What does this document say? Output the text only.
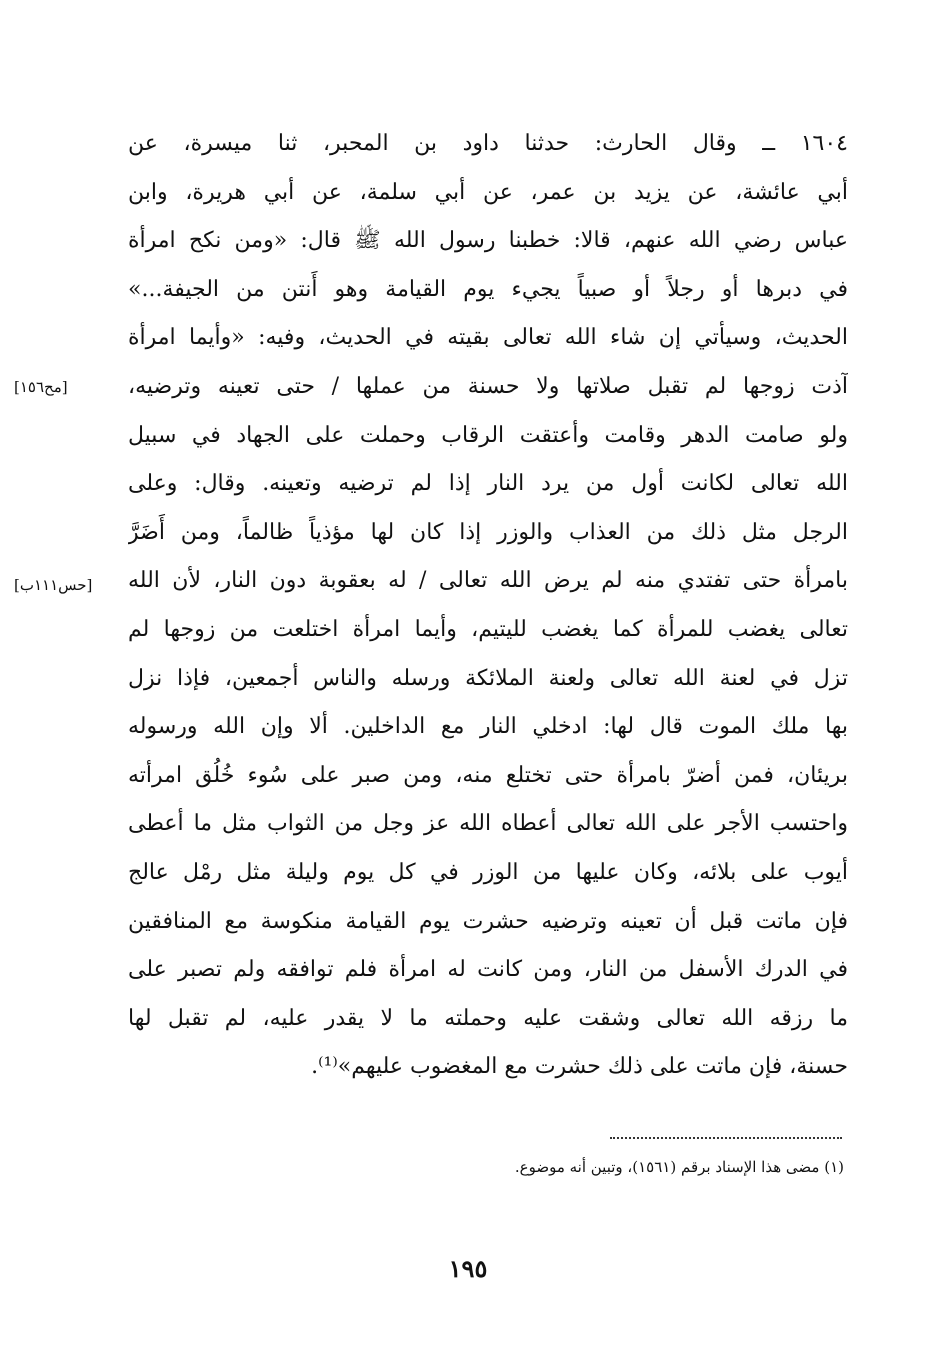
١٦٠٤ ــ وقال الحارث: حدثنا داود بن المحبر، ثنا ميسرة، عن
أبي عائشة، عن يزيد بن عمر، عن أبي سلمة، عن أبي هريرة، وابن
عباس رضي الله عنهم، قالا: خطبنا رسول الله ﷺ قال: «ومن نكح امرأة
في دبرها أو رجلاً أو صبياً يجيء يوم القيامة وهو أَنتن من الجيفة...»
الحديث، وسيأتي إن شاء الله تعالى بقيته في الحديث، وفيه: «وأيما امرأة
آذت زوجها لم تقبل صلاتها ولا حسنة من عملها / حتى تعينه وترضيه،
ولو صامت الدهر وقامت وأعتقت الرقاب وحملت على الجهاد في سبيل
الله تعالى لكانت أول من يرد النار إذا لم ترضيه وتعينه. وقال: وعلى
الرجل مثل ذلك من العذاب والوزر إذا كان لها مؤذياً ظالماً، ومن أَضَرَّ
بامرأة حتى تفتدي منه لم يرض الله تعالى / له بعقوبة دون النار، لأن الله
تعالى يغضب للمرأة كما يغضب لليتيم، وأيما امرأة اختلعت من زوجها لم
تزل في لعنة الله تعالى ولعنة الملائكة ورسله والناس أجمعين، فإذا نزل
بها ملك الموت قال لها: ادخلي النار مع الداخلين. ألا وإن الله ورسوله
بريئان، فمن أضرّ بامرأة حتى تختلع منه، ومن صبر على سُوء خُلُق امرأته
واحتسب الأجر على الله تعالى أعطاه الله عز وجل من الثواب مثل ما أعطى
أيوب على بلائه، وكان عليها من الوزر في كل يوم وليلة مثل رمْل عالج
فإن ماتت قبل أن تعينه وترضيه حشرت يوم القيامة منكوسة مع المنافقين
في الدرك الأسفل من النار، ومن كانت له امرأة فلم توافقه ولم تصبر على
ما رزقه الله تعالى وشقت عليه وحملته ما لا يقدر عليه، لم تقبل لها
حسنة، فإن ماتت على ذلك حشرت مع المغضوب عليهم»⁽¹⁾.
[مح١٥٦]
[حس١١١ب]
(١) مضى هذا الإسناد برقم (١٥٦١)، وتبين أنه موضوع.
١٩٥
